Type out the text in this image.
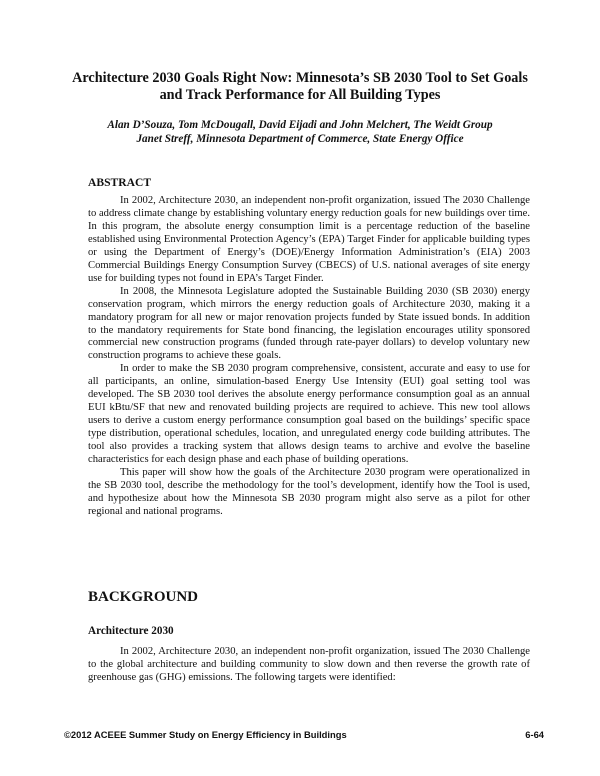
Architecture 2030 Goals Right Now: Minnesota’s SB 2030 Tool to Set Goals
and Track Performance for All Building Types
Alan D’Souza, Tom McDougall, David Eijadi and John Melchert, The Weidt Group
Janet Streff, Minnesota Department of Commerce, State Energy Office
ABSTRACT

In 2002, Architecture 2030, an independent non-profit organization, issued The 2030 Challenge to address climate change by establishing voluntary energy reduction goals for new buildings over time. In this program, the absolute energy consumption limit is a percentage reduction of the baseline established using Environmental Protection Agency’s (EPA) Target Finder for applicable building types or using the Department of Energy’s (DOE)/Energy Information Administration’s (EIA) 2003 Commercial Buildings Energy Consumption Survey (CBECS) of U.S. national averages of site energy use for building types not found in EPA’s Target Finder.

In 2008, the Minnesota Legislature adopted the Sustainable Building 2030 (SB 2030) energy conservation program, which mirrors the energy reduction goals of Architecture 2030, making it a mandatory program for all new or major renovation projects funded by State issued bonds. In addition to the mandatory requirements for State bond financing, the legislation encourages utility sponsored commercial new construction programs (funded through rate-payer dollars) to develop voluntary new construction programs to achieve these goals.

In order to make the SB 2030 program comprehensive, consistent, accurate and easy to use for all participants, an online, simulation-based Energy Use Intensity (EUI) goal setting tool was developed. The SB 2030 tool derives the absolute energy performance consumption goal as an annual EUI kBtu/SF that new and renovated building projects are required to achieve. This new tool allows users to derive a custom energy performance consumption goal based on the buildings’ specific space type distribution, operational schedules, location, and unregulated energy code building attributes. The tool also provides a tracking system that allows design teams to archive and evolve the baseline characteristics for each design phase and each phase of building operations.

This paper will show how the goals of the Architecture 2030 program were operationalized in the SB 2030 tool, describe the methodology for the tool’s development, identify how the Tool is used, and hypothesize about how the Minnesota SB 2030 program might also serve as a pilot for other regional and national programs.

BACKGROUND
Architecture 2030

In 2002, Architecture 2030, an independent non-profit organization, issued The 2030 Challenge to the global architecture and building community to slow down and then reverse the growth rate of greenhouse gas (GHG) emissions. The following targets were identified:

©2012 ACEEE Summer Study on Energy Efficiency in Buildings	6-64
